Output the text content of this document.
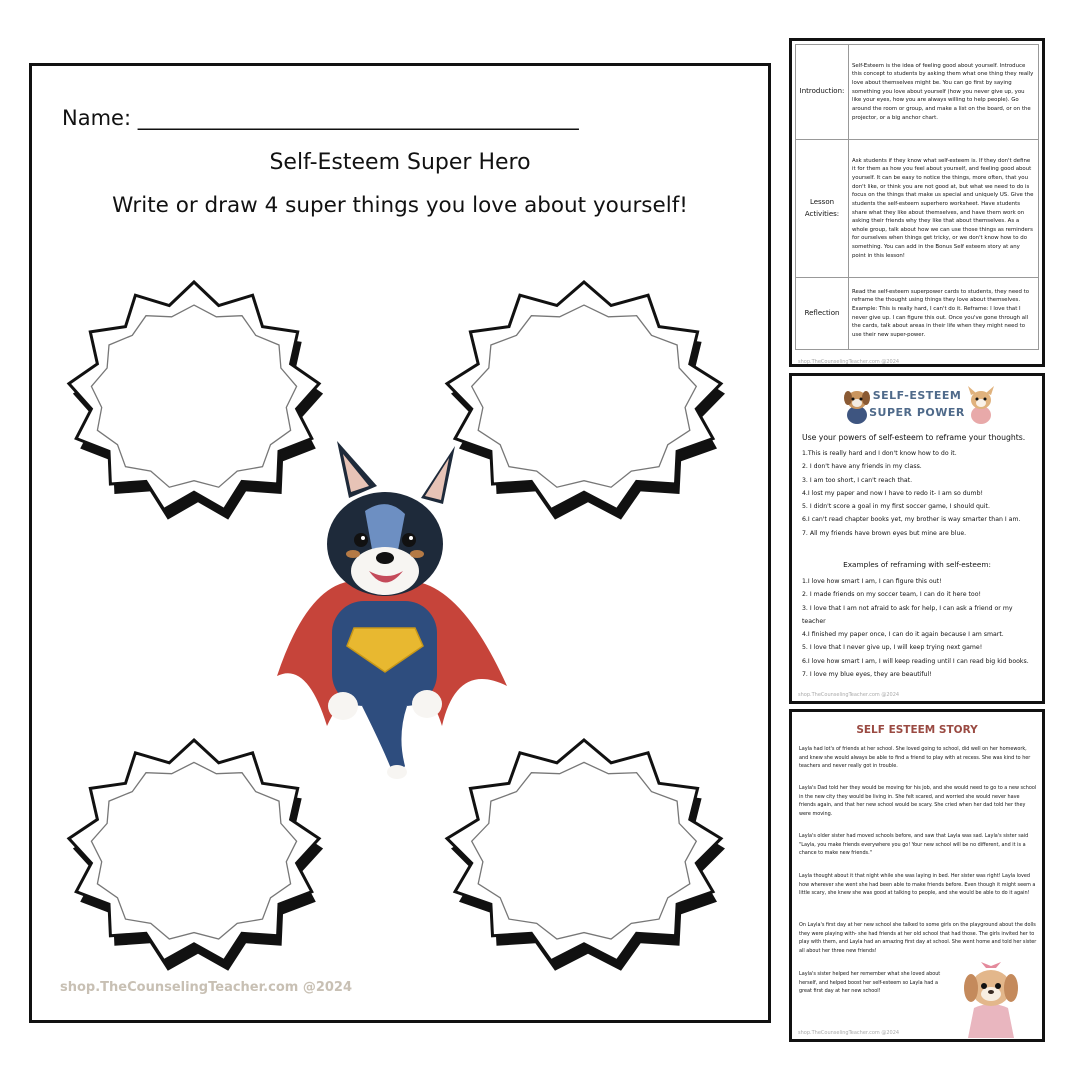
Name: __________________________________________
Self-Esteem Super Hero
Write or draw 4 super things you love about yourself!
shop.TheCounselingTeacher.com @2024
Introduction:	Self-Esteem is the idea of feeling good about yourself. Introduce this concept to students by asking them what one thing they really love about themselves might be. You can go first by saying something you love about yourself (how you never give up, you like your eyes, how you are always willing to help people). Go around the room or group, and make a list on the board, or on the projector, or a big anchor chart.
Lesson Activities:	Ask students if they know what self-esteem is. If they don't define it for them as how you feel about yourself, and feeling good about yourself. It can be easy to notice the things, more often, that you don't like, or think you are not good at, but what we need to do is focus on the things that make us special and uniquely US. Give the students the self-esteem superhero worksheet. Have students share what they like about themselves, and have them work on asking their friends why they like that about themselves. As a whole group, talk about how we can use those things as reminders for ourselves when things get tricky, or we don't know how to do something. You can add in the Bonus Self esteem story at any point in this lesson!
Reflection	Read the self-esteem superpower cards to students, they need to reframe the thought using things they love about themselves. Example: This is really hard, I can't do it. Reframe: I love that I never give up. I can figure this out. Once you've gone through all the cards, talk about areas in their life when they might need to use their new super-power.
shop.TheCounselingTeacher.com @2024
SELF-ESTEEM
SUPER POWER
Use your powers of self-esteem to reframe your thoughts.
1.This is really hard and I don't know how to do it.
2. I don't have any friends in my class.
3. I am too short, I can't reach that.
4.I lost my paper and now I have to redo it- I am so dumb!
5. I didn't score a goal in my first soccer game, I should quit.
6.I can't read chapter books yet, my brother is way smarter than I am.
7. All my friends have brown eyes but mine are blue.
Examples of reframing with self-esteem:
1.I love how smart I am, I can figure this out!
2. I made friends on my soccer team, I can do it here too!
3. I love that I am not afraid to ask for help, I can ask a friend or my teacher
4.I finished my paper once, I can do it again because I am smart.
5. I love that I never give up, I will keep trying next game!
6.I love how smart I am, I will keep reading until I can read big kid books.
7. I love my blue eyes, they are beautiful!
shop.TheCounselingTeacher.com @2024
SELF ESTEEM STORY
Layla had lot's of friends at her school. She loved going to school, did well on her homework, and knew she would always be able to find a friend to play with at recess. She was kind to her teachers and never really got in trouble.
Layla's Dad told her they would be moving for his job, and she would need to go to a new school in the new city they would be living in. She felt scared, and worried she would never have friends again, and that her new school would be scary. She cried when her dad told her they were moving.
Layla's older sister had moved schools before, and saw that Layla was sad. Layla's sister said "Layla, you make friends everywhere you go! Your new school will be no different, and it is a chance to make new friends."
Layla thought about it that night while she was laying in bed. Her sister was right! Layla loved how wherever she went she had been able to make friends before. Even though it might seem a little scary, she knew she was good at talking to people, and she would be able to do it again!
On Layla's first day at her new school she talked to some girls on the playground about the dolls they were playing with- she had friends at her old school that had those. The girls invited her to play with them, and Layla had an amazing first day at school. She went home and told her sister all about her three new friends!
Layla's sister helped her remember what she loved about herself, and helped boost her self-esteem so Layla had a great first day at her new school!
shop.TheCounselingTeacher.com @2024
